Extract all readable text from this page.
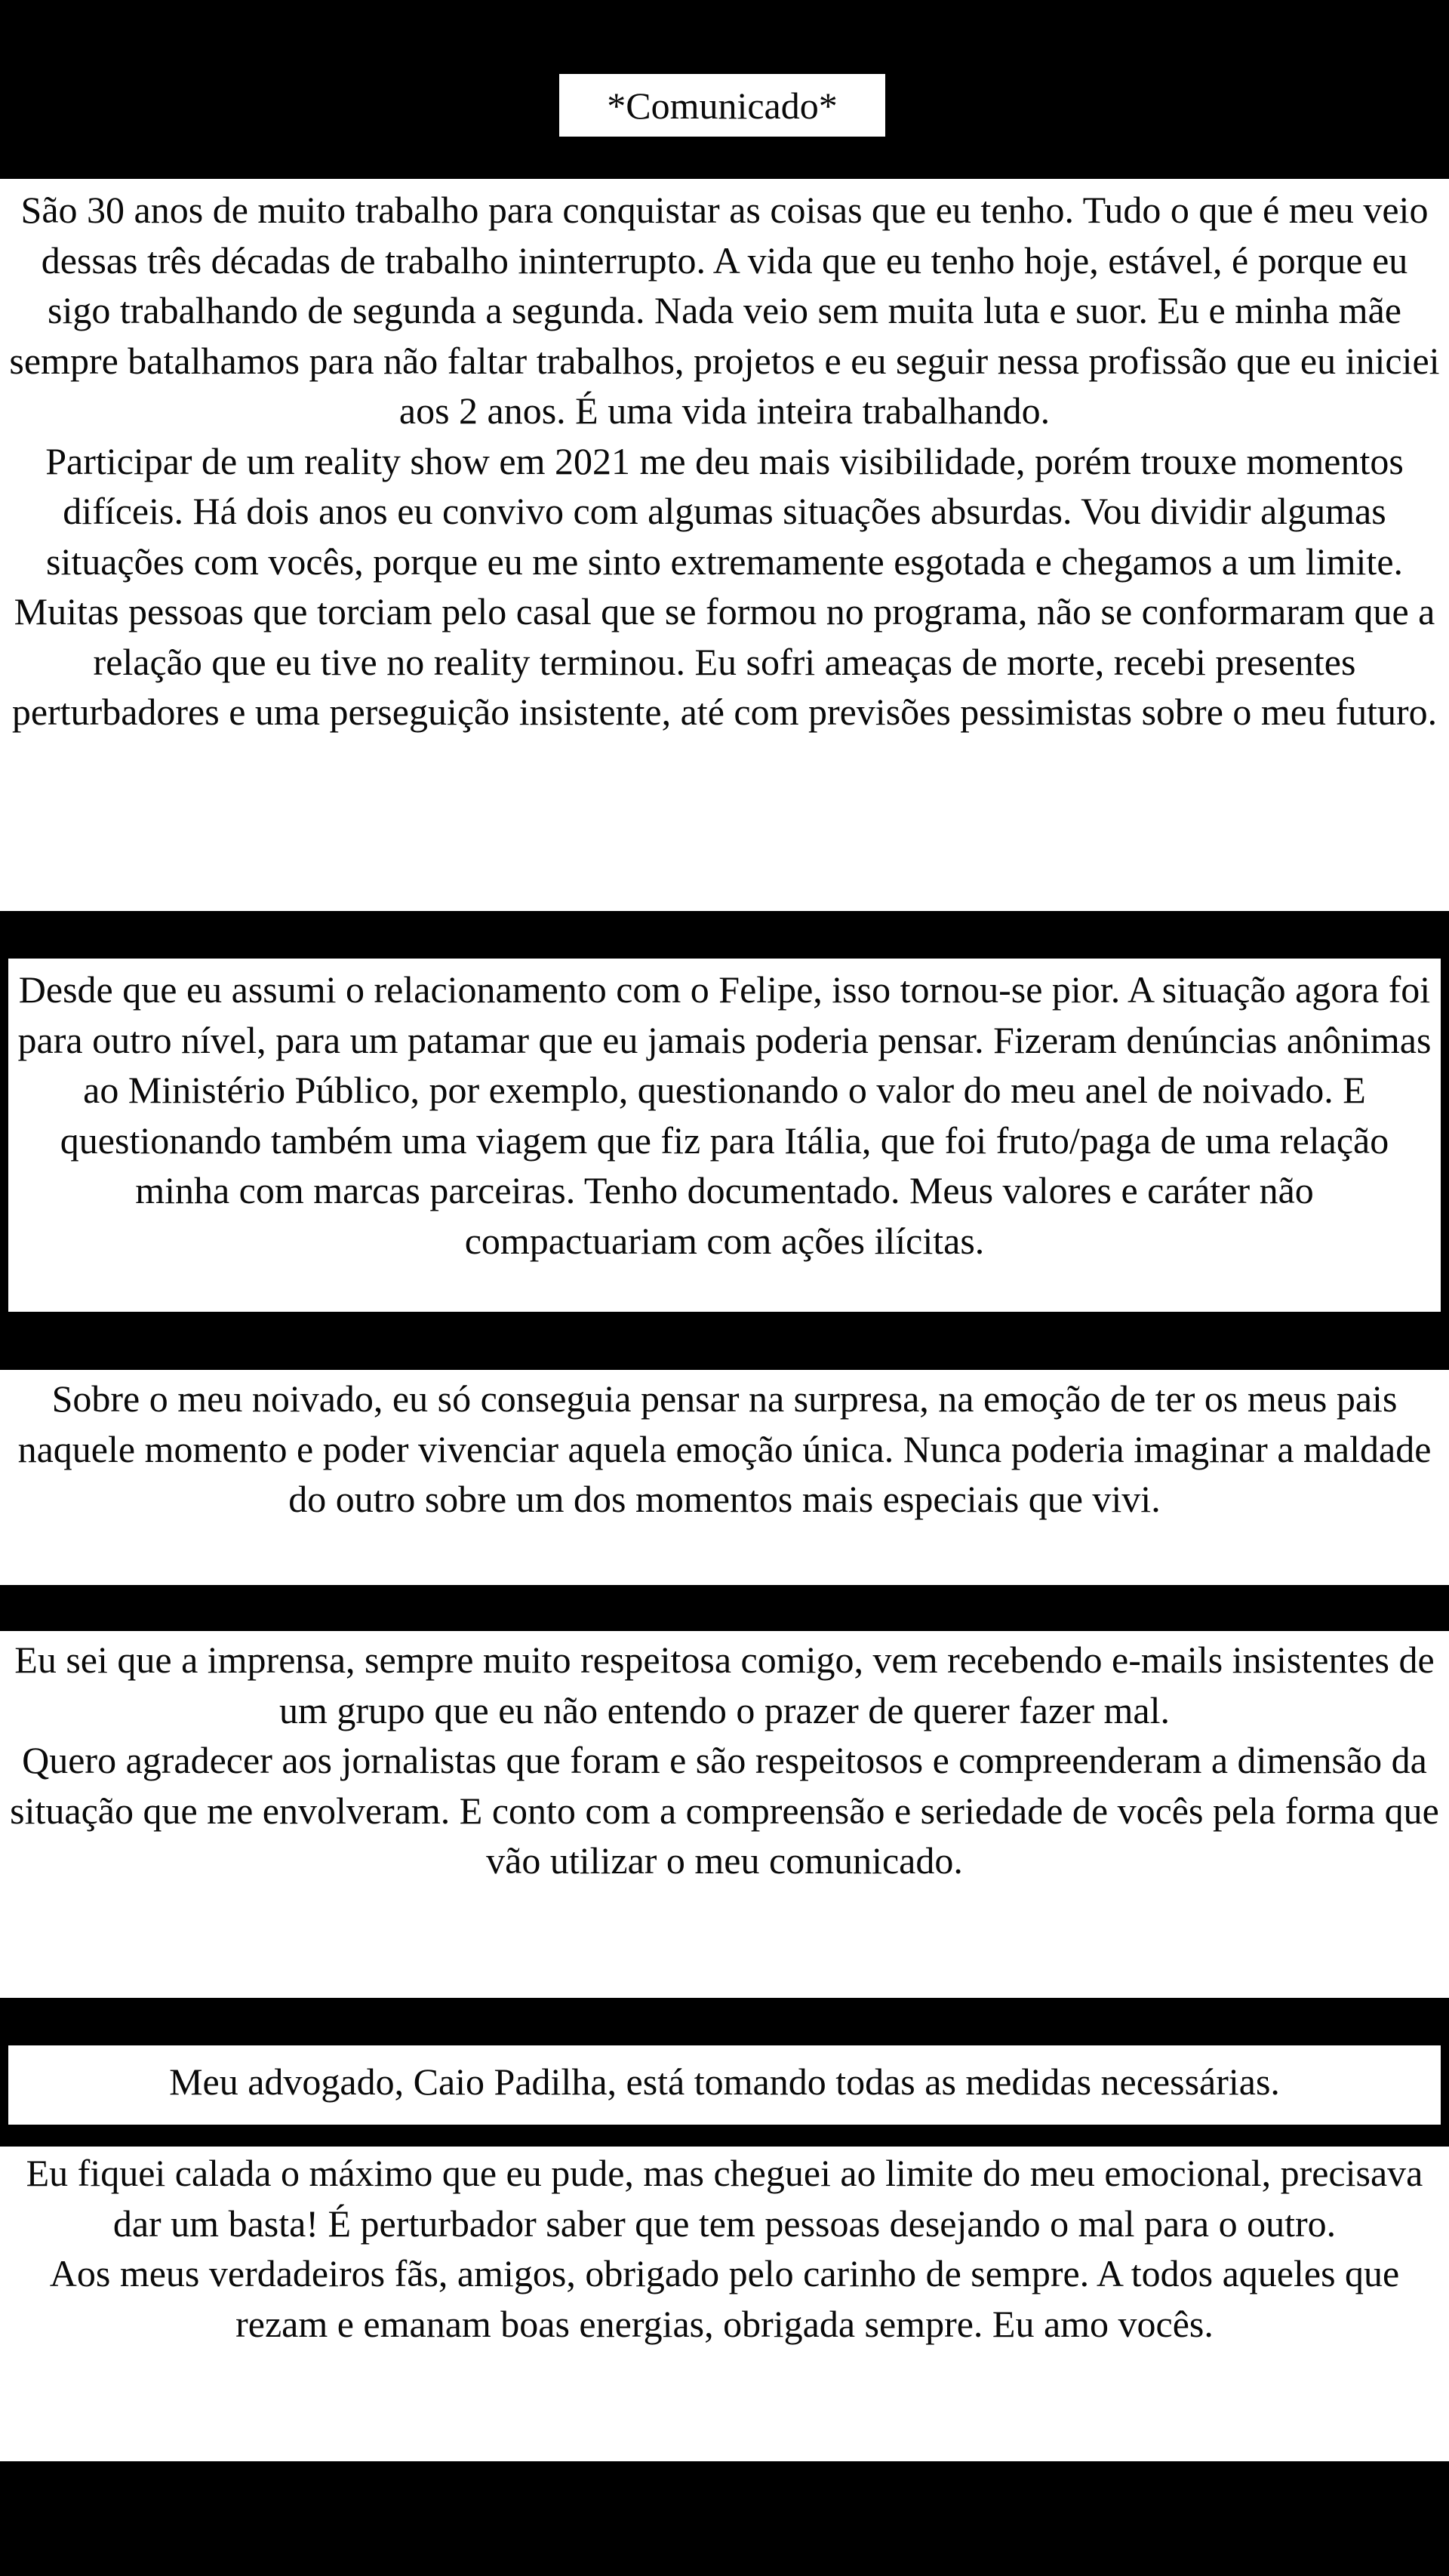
*Comunicado*

São 30 anos de muito trabalho para conquistar as coisas que eu tenho. Tudo o que é meu veio dessas três décadas de trabalho ininterrupto. A vida que eu tenho hoje, estável, é porque eu sigo trabalhando de segunda a segunda. Nada veio sem muita luta e suor. Eu e minha mãe sempre batalhamos para não faltar trabalhos, projetos e eu seguir nessa profissão que eu iniciei aos 2 anos. É uma vida inteira trabalhando.

Participar de um reality show em 2021 me deu mais visibilidade, porém trouxe momentos difíceis. Há dois anos eu convivo com algumas situações absurdas. Vou dividir algumas situações com vocês, porque eu me sinto extremamente esgotada e chegamos a um limite. Muitas pessoas que torciam pelo casal que se formou no programa, não se conformaram que a relação que eu tive no reality terminou. Eu sofri ameaças de morte, recebi presentes perturbadores e uma perseguição insistente, até com previsões pessimistas sobre o meu futuro.

Desde que eu assumi o relacionamento com o Felipe, isso tornou-se pior. A situação agora foi para outro nível, para um patamar que eu jamais poderia pensar. Fizeram denúncias anônimas ao Ministério Público, por exemplo, questionando o valor do meu anel de noivado. E questionando também uma viagem que fiz para Itália, que foi fruto/paga de uma relação minha com marcas parceiras. Tenho documentado. Meus valores e caráter não compactuariam com ações ilícitas.

Sobre o meu noivado, eu só conseguia pensar na surpresa, na emoção de ter os meus pais naquele momento e poder vivenciar aquela emoção única. Nunca poderia imaginar a maldade do outro sobre um dos momentos mais especiais que vivi.

Eu sei que a imprensa, sempre muito respeitosa comigo, vem recebendo e-mails insistentes de um grupo que eu não entendo o prazer de querer fazer mal.

Quero agradecer aos jornalistas que foram e são respeitosos e compreenderam a dimensão da situação que me envolveram. E conto com a compreensão e seriedade de vocês pela forma que vão utilizar o meu comunicado.

Meu advogado, Caio Padilha, está tomando todas as medidas necessárias.

Eu fiquei calada o máximo que eu pude, mas cheguei ao limite do meu emocional, precisava dar um basta! É perturbador saber que tem pessoas desejando o mal para o outro.

Aos meus verdadeiros fãs, amigos, obrigado pelo carinho de sempre. A todos aqueles que rezam e emanam boas energias, obrigada sempre. Eu amo vocês.
